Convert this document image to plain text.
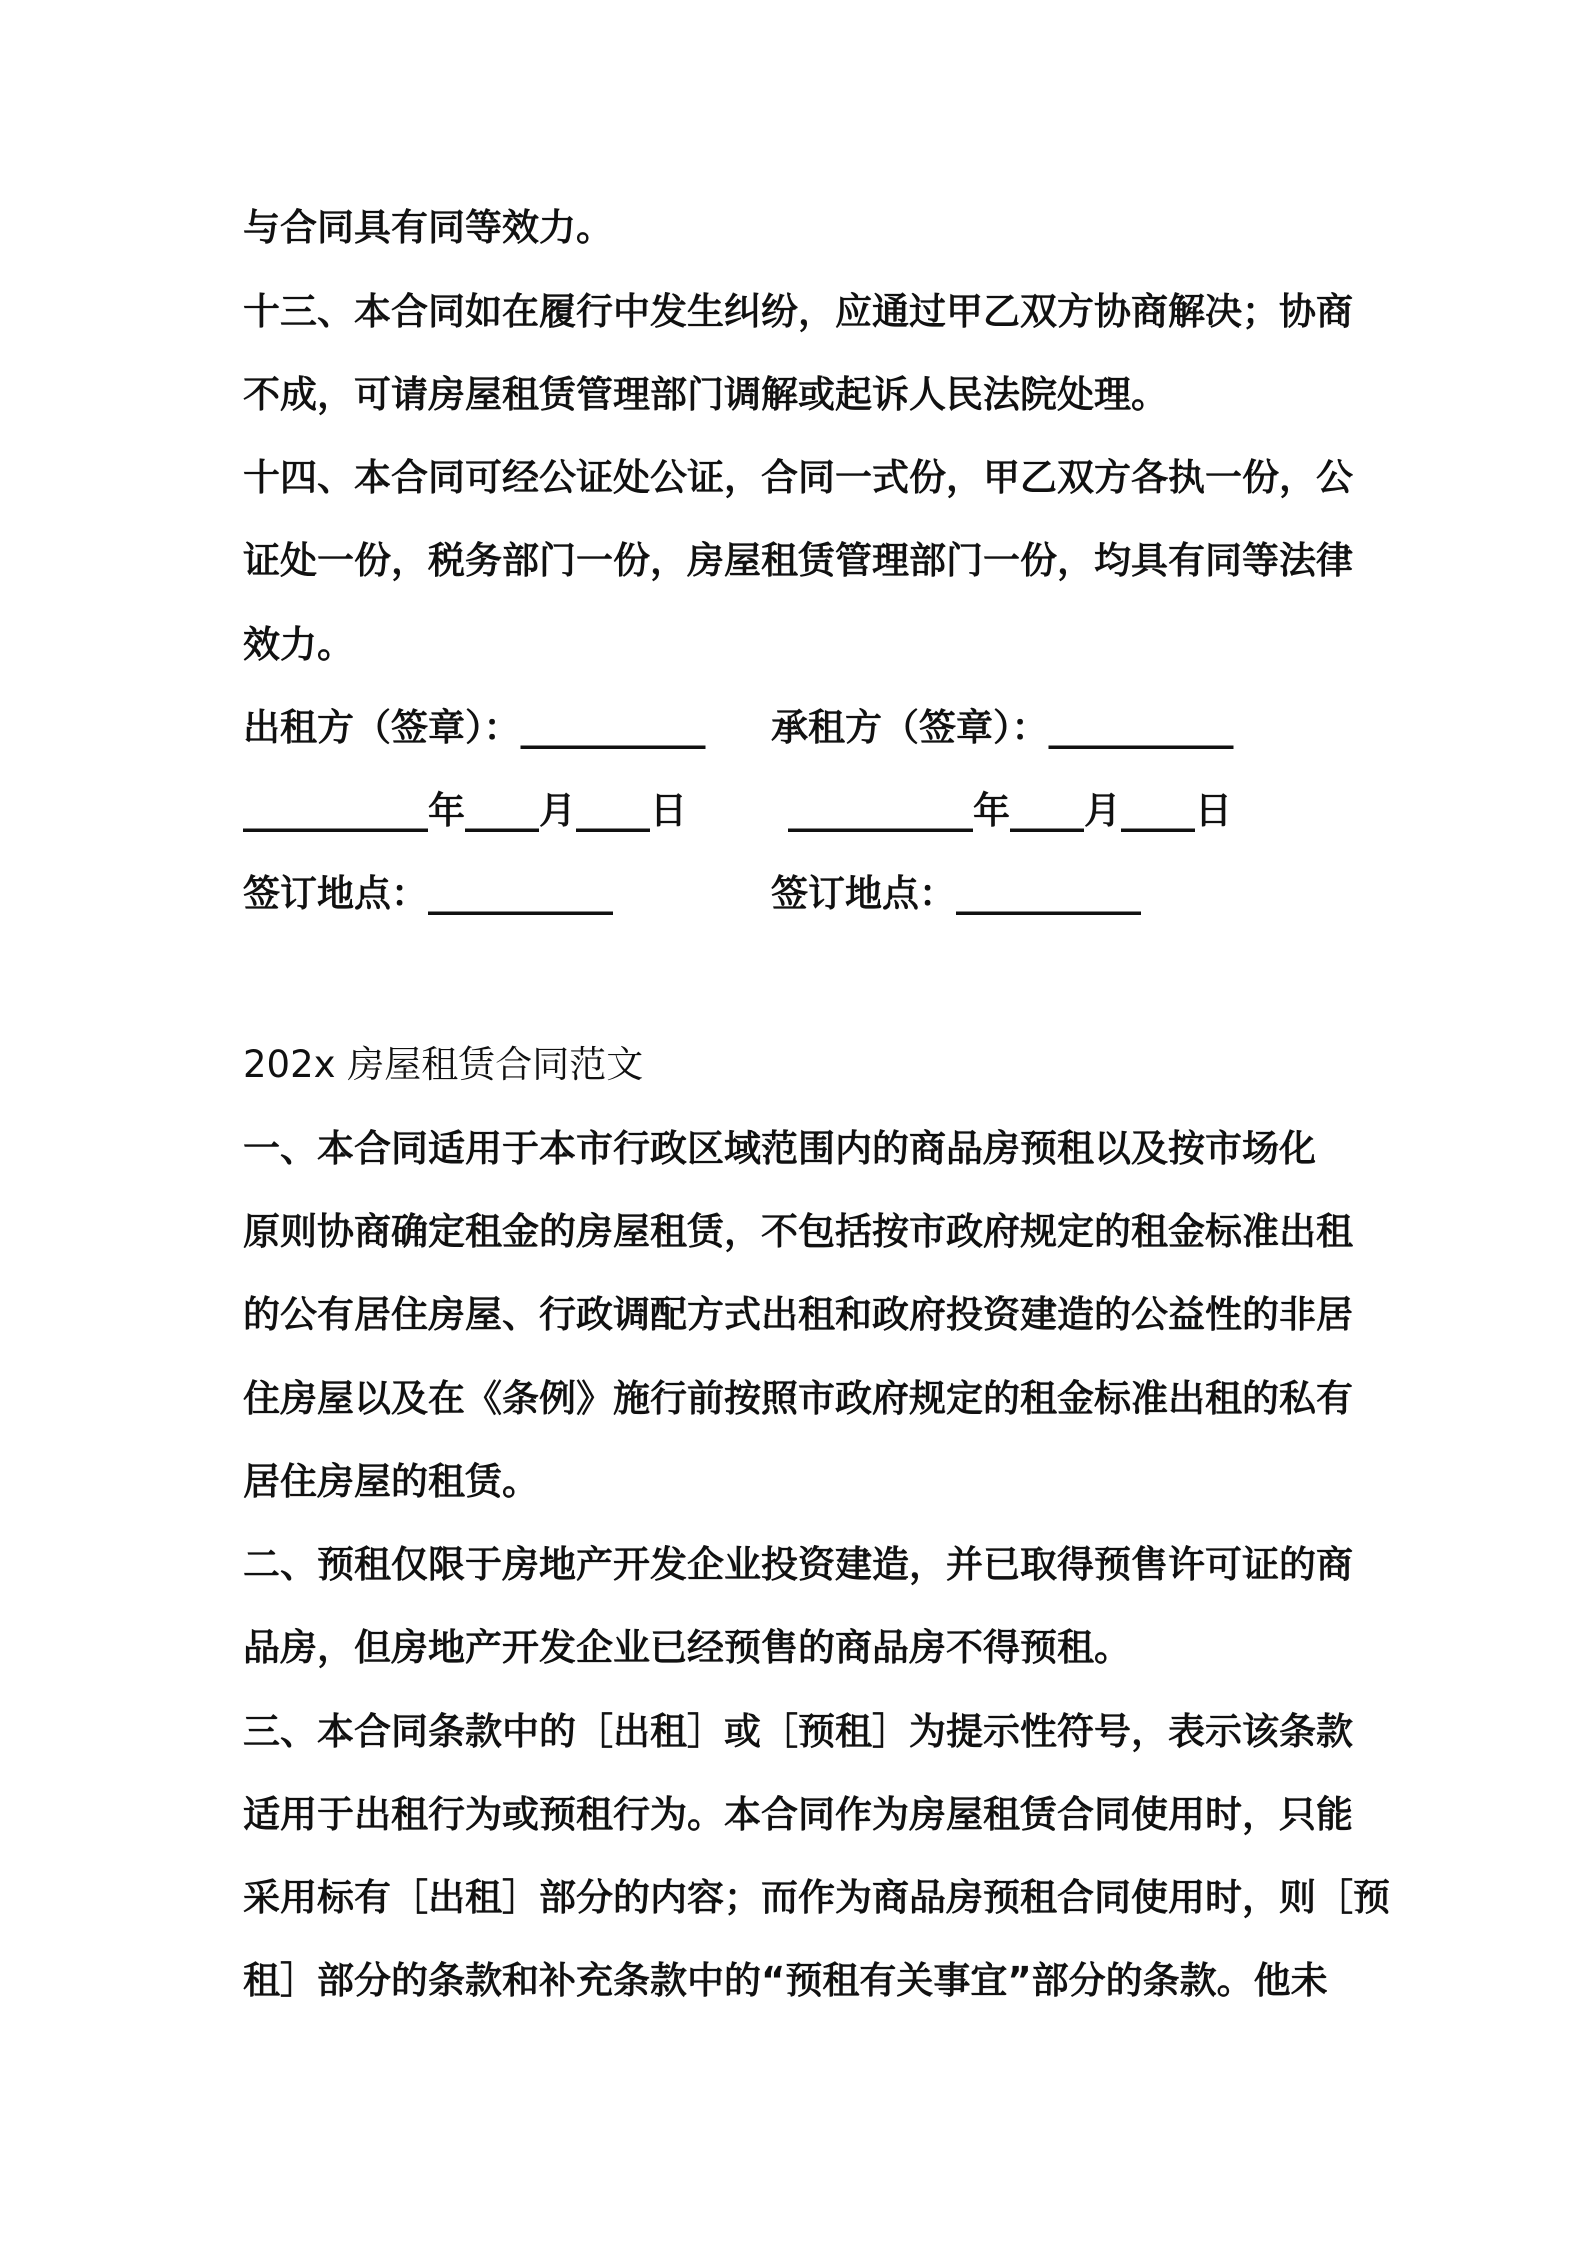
与合同具有同等效力。
十三、本合同如在履行中发生纠纷，应通过甲乙双方协商解决；协商
不成，可请房屋租赁管理部门调解或起诉人民法院处理。
十四、本合同可经公证处公证，合同一式份，甲乙双方各执一份，公
证处一份，税务部门一份，房屋租赁管理部门一份，均具有同等法律
效力。
出租方（签章）：__________	承租方（签章）：__________
__________年____月____日	__________年____月____日
签订地点：__________	签订地点：__________
202x 房屋租赁合同范文
一、本合同适用于本市行政区域范围内的商品房预租以及按市场化
原则协商确定租金的房屋租赁，不包括按市政府规定的租金标准出租
的公有居住房屋、行政调配方式出租和政府投资建造的公益性的非居
住房屋以及在《条例》施行前按照市政府规定的租金标准出租的私有
居住房屋的租赁。
二、预租仅限于房地产开发企业投资建造，并已取得预售许可证的商
品房，但房地产开发企业已经预售的商品房不得预租。
三、本合同条款中的［出租］或［预租］为提示性符号，表示该条款
适用于出租行为或预租行为。本合同作为房屋租赁合同使用时，只能
采用标有［出租］部分的内容；而作为商品房预租合同使用时，则［预
租］部分的条款和补充条款中的“预租有关事宜”部分的条款。他未
